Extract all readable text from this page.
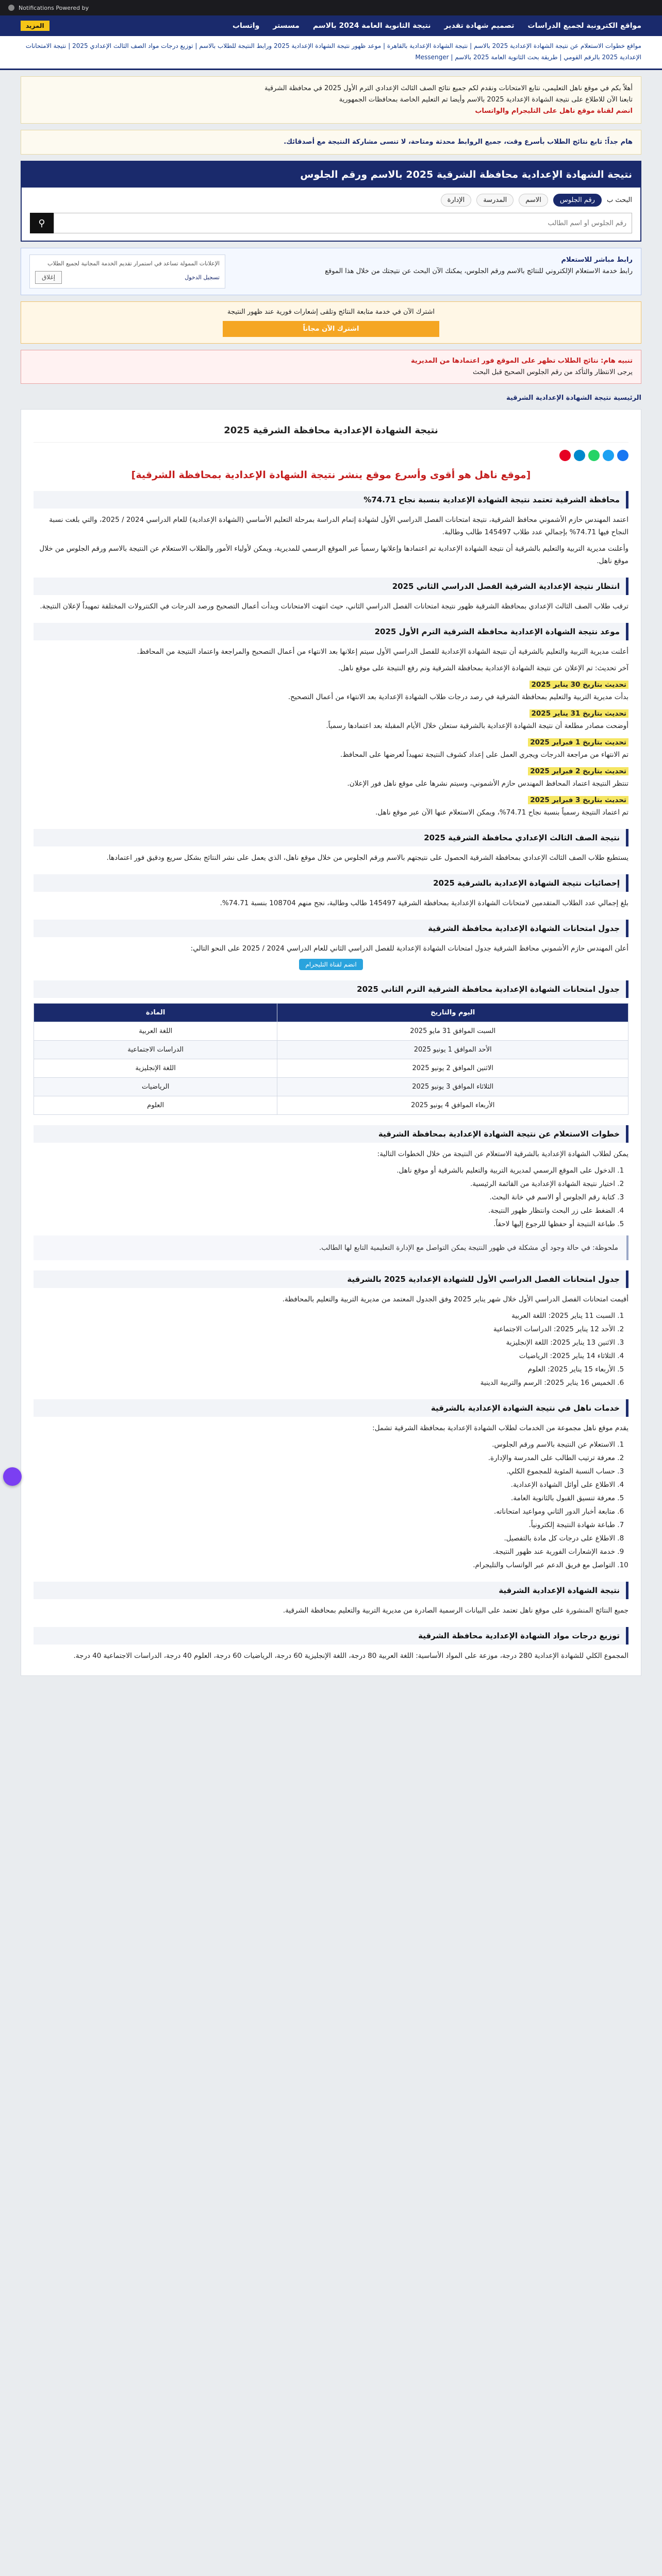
Notifications Powered by
مواقع الكترونية لجميع الدراسات
تصميم شهادة تقدير
نتيجة الثانوية العامة 2024 بالاسم
مسستر
واتساب
المزيد
مواقع خطوات الاستعلام عن نتيجة الشهادة الإعدادية 2025 بالاسم | نتيجة الشهادة الإعدادية بالقاهرة | موعد ظهور نتيجة الشهادة الإعدادية 2025 ورابط النتيجة للطلاب بالاسم | توزيع درجات مواد الصف الثالث الإعدادي 2025 | نتيجة الامتحانات الإعدادية 2025 بالرقم القومي | طريقة بحث الثانوية العامة 2025 بالاسم | Messenger
أهلاً بكم في موقع ناهل التعليمي، نتابع الامتحانات ونقدم لكم جميع نتائج الصف الثالث الإعدادي الترم الأول 2025 في محافظة الشرقية
تابعنا الآن للاطلاع على نتيجة الشهادة الإعدادية 2025 بالاسم وأيضا تم التعليم الخاصة بمحافظات الجمهورية
انضم لقناة موقع ناهل على التليجرام والواتساب
هام جداً: تابع نتائج الطلاب بأسرع وقت، جميع الروابط محدثة ومتاحة، لا تنسى مشاركة النتيجة مع أصدقائك.
نتيجة الشهادة الإعدادية محافظة الشرقية 2025 بالاسم ورقم الجلوس
البحث ب
رقم الجلوس
الاسم
المدرسة
الإدارة
رقم الجلوس أو اسم الطالب
⚲
رابط مباشر للاستعلام
رابط خدمة الاستعلام الإلكتروني للنتائج بالاسم ورقم الجلوس، يمكنك الآن البحث عن نتيجتك من خلال هذا الموقع
الإعلانات الممولة تساعد في استمرار تقديم الخدمة المجانية لجميع الطلاب
تسجيل الدخول
إغلاق
اشترك الآن في خدمة متابعة النتائج وتلقى إشعارات فورية عند ظهور النتيجة
اشترك الآن مجاناً
تنبيه هام: نتائج الطلاب تظهر على الموقع فور اعتمادها من المديرية
يرجى الانتظار والتأكد من رقم الجلوس الصحيح قبل البحث
الرئيسية نتيجة الشهادة الإعدادية الشرقية
نتيجة الشهادة الإعدادية محافظة الشرقية 2025
[موقع ناهل هو أقوى وأسرع موقع ينشر نتيجة الشهادة الإعدادية بمحافظة الشرقية]
محافظة الشرقية تعتمد نتيجة الشهادة الإعدادية بنسبة نجاح 74.71%
اعتمد المهندس حازم الأشموني محافظ الشرقية، نتيجة امتحانات الفصل الدراسي الأول لشهادة إتمام الدراسة بمرحلة التعليم الأساسي (الشهادة الإعدادية) للعام الدراسي 2024 / 2025، والتي بلغت نسبة النجاح فيها 74.71% بإجمالي عدد طلاب 145497 طالب وطالبة.
وأعلنت مديرية التربية والتعليم بالشرقية أن نتيجة الشهادة الإعدادية تم اعتمادها وإعلانها رسمياً عبر الموقع الرسمي للمديرية، ويمكن لأولياء الأمور والطلاب الاستعلام عن النتيجة بالاسم ورقم الجلوس من خلال موقع ناهل.
انتظار نتيجة الإعدادية الشرقية الفصل الدراسي الثاني 2025
ترقب طلاب الصف الثالث الإعدادي بمحافظة الشرقية ظهور نتيجة امتحانات الفصل الدراسي الثاني، حيث انتهت الامتحانات وبدأت أعمال التصحيح ورصد الدرجات في الكنترولات المختلفة تمهيداً لإعلان النتيجة.
موعد نتيجة الشهادة الإعدادية محافظة الشرقية الترم الأول 2025
أعلنت مديرية التربية والتعليم بالشرقية أن نتيجة الشهادة الإعدادية للفصل الدراسي الأول سيتم إعلانها بعد الانتهاء من أعمال التصحيح والمراجعة واعتماد النتيجة من المحافظ.
آخر تحديث: تم الإعلان عن نتيجة الشهادة الإعدادية بمحافظة الشرقية وتم رفع النتيجة على موقع ناهل.
تحديث بتاريخ 30 يناير 2025
بدأت مديرية التربية والتعليم بمحافظة الشرقية في رصد درجات طلاب الشهادة الإعدادية بعد الانتهاء من أعمال التصحيح.
تحديث بتاريخ 31 يناير 2025
أوضحت مصادر مطلعة أن نتيجة الشهادة الإعدادية بالشرقية ستعلن خلال الأيام المقبلة بعد اعتمادها رسمياً.
تحديث بتاريخ 1 فبراير 2025
تم الانتهاء من مراجعة الدرجات ويجري العمل على إعداد كشوف النتيجة تمهيداً لعرضها على المحافظ.
تحديث بتاريخ 2 فبراير 2025
تنتظر النتيجة اعتماد المحافظ المهندس حازم الأشموني، وسيتم نشرها على موقع ناهل فور الإعلان.
تحديث بتاريخ 3 فبراير 2025
تم اعتماد النتيجة رسمياً بنسبة نجاح 74.71%، ويمكن الاستعلام عنها الآن عبر موقع ناهل.
نتيجة الصف الثالث الإعدادي محافظة الشرقية 2025
يستطيع طلاب الصف الثالث الإعدادي بمحافظة الشرقية الحصول على نتيجتهم بالاسم ورقم الجلوس من خلال موقع ناهل، الذي يعمل على نشر النتائج بشكل سريع ودقيق فور اعتمادها.
إحصائيات نتيجة الشهادة الإعدادية بالشرقية 2025
بلغ إجمالي عدد الطلاب المتقدمين لامتحانات الشهادة الإعدادية بمحافظة الشرقية 145497 طالب وطالبة، نجح منهم 108704 بنسبة 74.71%.
جدول امتحانات الشهادة الإعدادية محافظة الشرقية
أعلن المهندس حازم الأشموني محافظ الشرقية جدول امتحانات الشهادة الإعدادية للفصل الدراسي الثاني للعام الدراسي 2024 / 2025 على النحو التالي:
انضم لقناة التليجرام
جدول امتحانات الشهادة الإعدادية محافظة الشرقية الترم الثاني 2025
اليوم والتاريخ	المادة
السبت الموافق 31 مايو 2025	اللغة العربية
الأحد الموافق 1 يونيو 2025	الدراسات الاجتماعية
الاثنين الموافق 2 يونيو 2025	اللغة الإنجليزية
الثلاثاء الموافق 3 يونيو 2025	الرياضيات
الأربعاء الموافق 4 يونيو 2025	العلوم
خطوات الاستعلام عن نتيجة الشهادة الإعدادية بمحافظة الشرقية
يمكن لطلاب الشهادة الإعدادية بالشرقية الاستعلام عن النتيجة من خلال الخطوات التالية:
1. الدخول على الموقع الرسمي لمديرية التربية والتعليم بالشرقية أو موقع ناهل.
2. اختيار نتيجة الشهادة الإعدادية من القائمة الرئيسية.
3. كتابة رقم الجلوس أو الاسم في خانة البحث.
4. الضغط على زر البحث وانتظار ظهور النتيجة.
5. طباعة النتيجة أو حفظها للرجوع إليها لاحقاً.
ملحوظة: في حالة وجود أي مشكلة في ظهور النتيجة يمكن التواصل مع الإدارة التعليمية التابع لها الطالب.
جدول امتحانات الفصل الدراسي الأول للشهادة الإعدادية 2025 بالشرقية
أقيمت امتحانات الفصل الدراسي الأول خلال شهر يناير 2025 وفق الجدول المعتمد من مديرية التربية والتعليم بالمحافظة.
1. السبت 11 يناير 2025: اللغة العربية
2. الأحد 12 يناير 2025: الدراسات الاجتماعية
3. الاثنين 13 يناير 2025: اللغة الإنجليزية
4. الثلاثاء 14 يناير 2025: الرياضيات
5. الأربعاء 15 يناير 2025: العلوم
6. الخميس 16 يناير 2025: الرسم والتربية الدينية
خدمات ناهل في نتيجة الشهادة الإعدادية بالشرقية
يقدم موقع ناهل مجموعة من الخدمات لطلاب الشهادة الإعدادية بمحافظة الشرقية تشمل:
1. الاستعلام عن النتيجة بالاسم ورقم الجلوس.
2. معرفة ترتيب الطالب على المدرسة والإدارة.
3. حساب النسبة المئوية للمجموع الكلي.
4. الاطلاع على أوائل الشهادة الإعدادية.
5. معرفة تنسيق القبول بالثانوية العامة.
6. متابعة أخبار الدور الثاني ومواعيد امتحاناته.
7. طباعة شهادة النتيجة إلكترونياً.
8. الاطلاع على درجات كل مادة بالتفصيل.
9. خدمة الإشعارات الفورية عند ظهور النتيجة.
10. التواصل مع فريق الدعم عبر الواتساب والتليجرام.
نتيجة الشهادة الإعدادية الشرقية
جميع النتائج المنشورة على موقع ناهل تعتمد على البيانات الرسمية الصادرة من مديرية التربية والتعليم بمحافظة الشرقية.
توزيع درجات مواد الشهادة الإعدادية محافظة الشرقية
المجموع الكلي للشهادة الإعدادية 280 درجة، موزعة على المواد الأساسية: اللغة العربية 80 درجة، اللغة الإنجليزية 60 درجة، الرياضيات 60 درجة، العلوم 40 درجة، الدراسات الاجتماعية 40 درجة.
